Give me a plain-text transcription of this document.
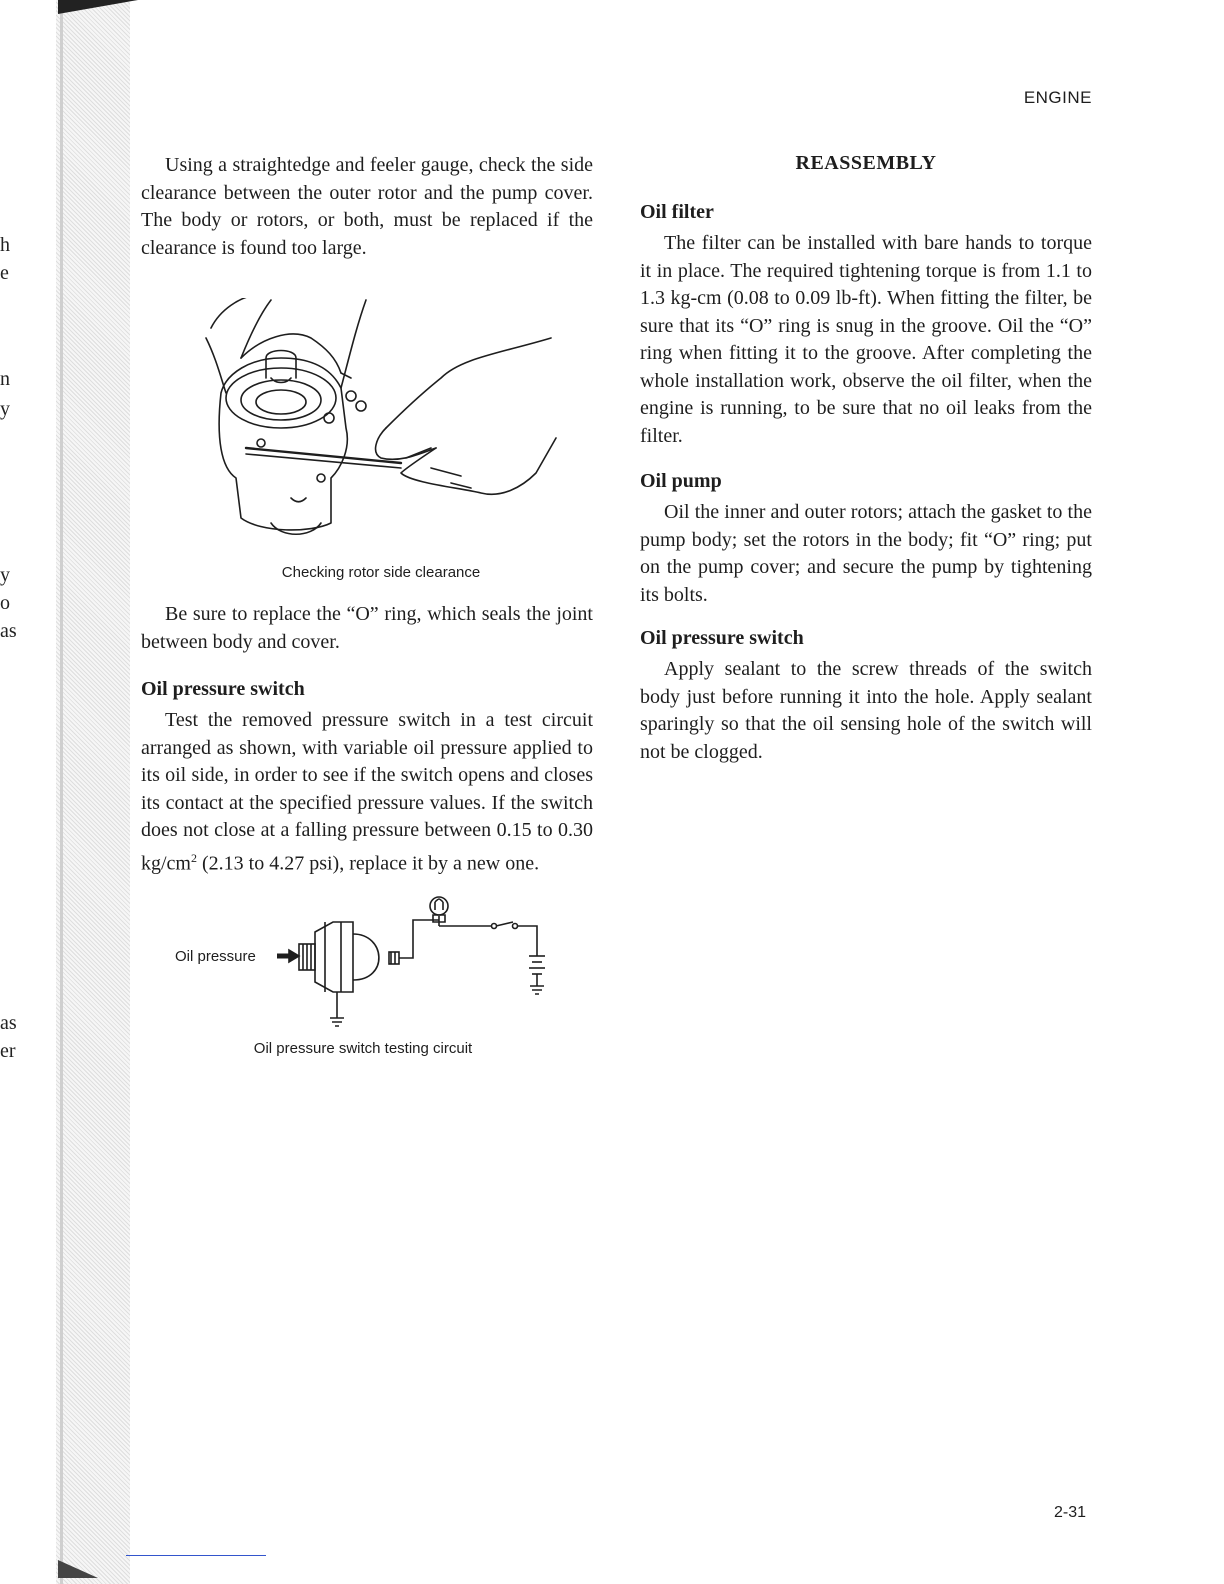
h
e
n
y
y
o
as
as
er
ENGINE

Using a straightedge and feeler gauge, check the side clearance between the outer rotor and the pump cover. The body or rotors, or both, must be replaced if the clearance is found too large.

Checking rotor side clearance

Be sure to replace the “O” ring, which seals the joint between body and cover.

Oil pressure switch

Test the removed pressure switch in a test circuit arranged as shown, with variable oil pressure applied to its oil side, in order to see if the switch opens and closes its contact at the specified pressure values. If the switch does not close at a falling pressure between 0.15 to 0.30 $kg/cm^2$ (2.13 to 4.27 psi), replace it by a new one.

Oil pressure
Oil pressure switch testing circuit
REASSEMBLY
Oil filter

The filter can be installed with bare hands to torque it in place. The required tightening torque is from 1.1 to 1.3 kg-cm (0.08 to 0.09 lb-ft). When fitting the filter, be sure that its “O” ring is snug in the groove. Oil the “O” ring when fitting it to the groove. After completing the whole installation work, observe the oil filter, when the engine is running, to be sure that no oil leaks from the filter.

Oil pump

Oil the inner and outer rotors; attach the gasket to the pump body; set the rotors in the body; fit “O” ring; put on the pump cover; and secure the pump by tightening its bolts.

Oil pressure switch

Apply sealant to the screw threads of the switch body just before running it into the hole. Apply sealant sparingly so that the oil sensing hole of the switch will not be clogged.

2-31
